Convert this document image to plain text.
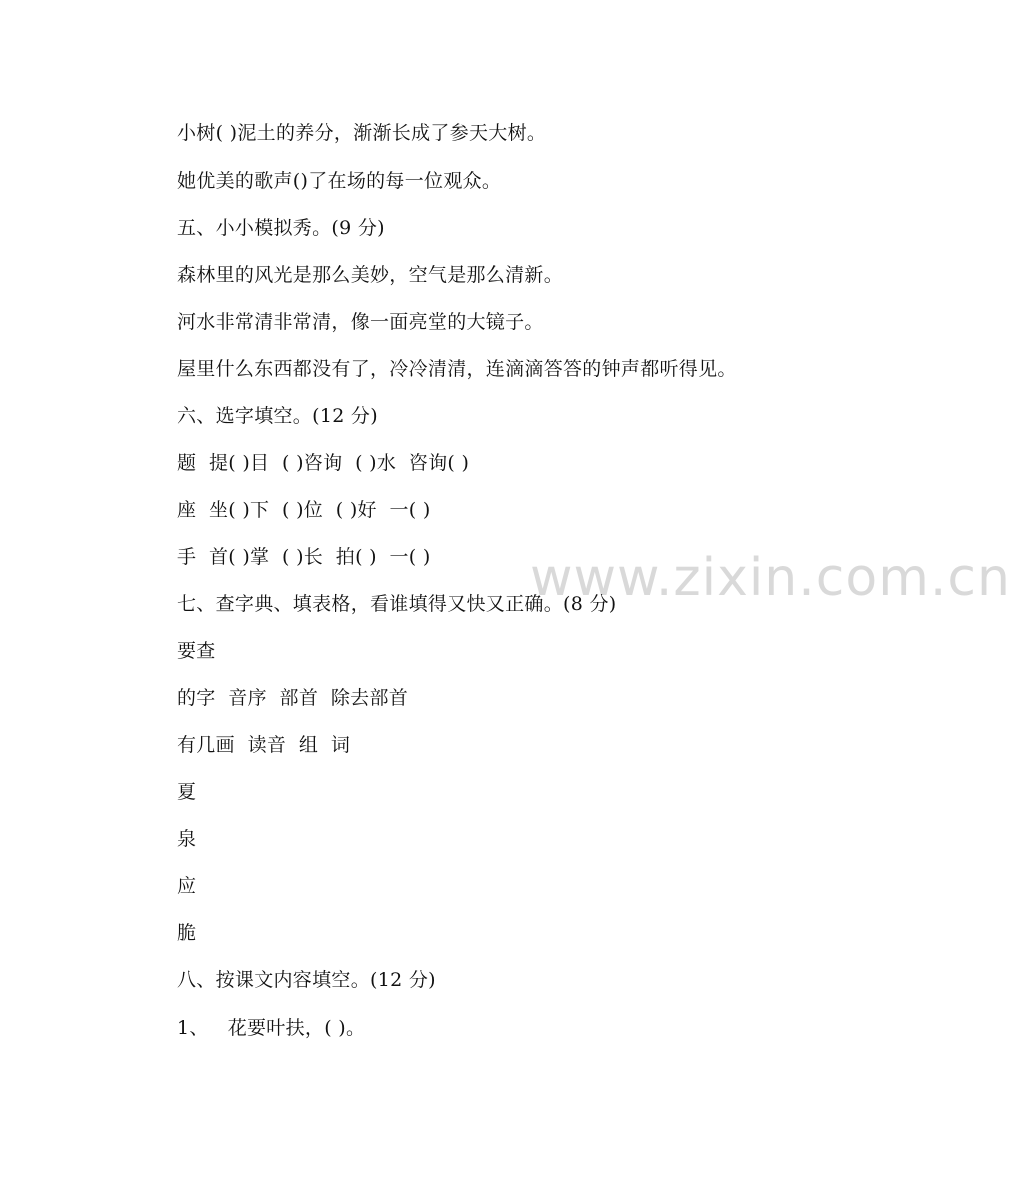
www.zixin.com.cn
小树( )泥土的养分，渐渐长成了参天大树。
她优美的歌声()了在场的每一位观众。
五、小小模拟秀。(9 分)
森林里的风光是那么美妙，空气是那么清新。
河水非常清非常清，像一面亮堂的大镜子。
屋里什么东西都没有了，冷冷清清，连滴滴答答的钟声都听得见。
六、选字填空。(12 分)
题  提( )目  ( )咨询  ( )水  咨询( )
座  坐( )下  ( )位  ( )好  一( )
手  首( )掌  ( )长  拍( )  一( )
七、查字典、填表格，看谁填得又快又正确。(8 分)
要查
的字  音序  部首  除去部首
有几画  读音  组  词
夏
泉
应
脆
八、按课文内容填空。(12 分)
1、   花要叶扶，( )。
